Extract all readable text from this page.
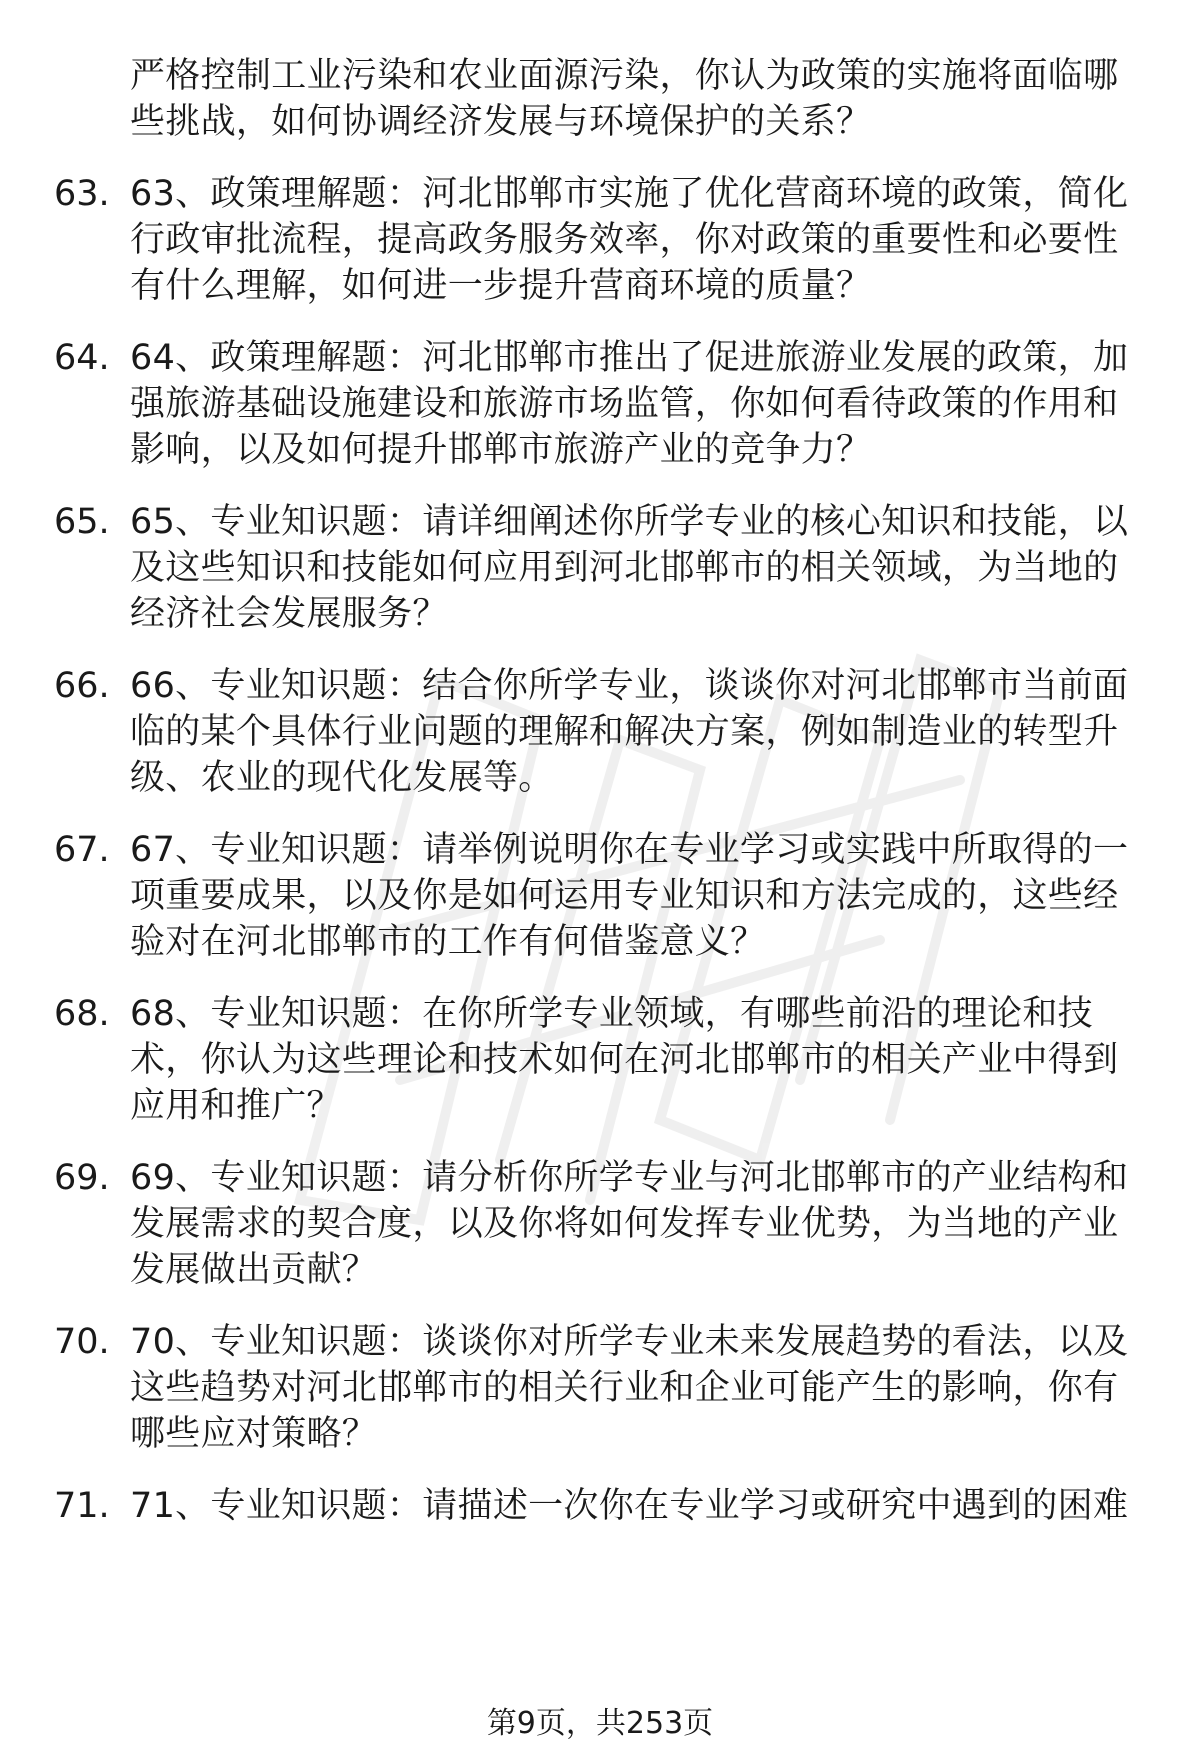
严格控制工业污染和农业面源污染，你认为政策的实施将面临哪
些挑战，如何协调经济发展与环境保护的关系？
63. 63、政策理解题：河北邯郸市实施了优化营商环境的政策，简化
行政审批流程，提高政务服务效率，你对政策的重要性和必要性
有什么理解，如何进一步提升营商环境的质量？
64. 64、政策理解题：河北邯郸市推出了促进旅游业发展的政策，加
强旅游基础设施建设和旅游市场监管，你如何看待政策的作用和
影响，以及如何提升邯郸市旅游产业的竞争力？
65. 65、专业知识题：请详细阐述你所学专业的核心知识和技能，以
及这些知识和技能如何应用到河北邯郸市的相关领域，为当地的
经济社会发展服务？
66. 66、专业知识题：结合你所学专业，谈谈你对河北邯郸市当前面
临的某个具体行业问题的理解和解决方案，例如制造业的转型升
级、农业的现代化发展等。
67. 67、专业知识题：请举例说明你在专业学习或实践中所取得的一
项重要成果，以及你是如何运用专业知识和方法完成的，这些经
验对在河北邯郸市的工作有何借鉴意义？
68. 68、专业知识题：在你所学专业领域，有哪些前沿的理论和技
术，你认为这些理论和技术如何在河北邯郸市的相关产业中得到
应用和推广？
69. 69、专业知识题：请分析你所学专业与河北邯郸市的产业结构和
发展需求的契合度，以及你将如何发挥专业优势，为当地的产业
发展做出贡献？
70. 70、专业知识题：谈谈你对所学专业未来发展趋势的看法，以及
这些趋势对河北邯郸市的相关行业和企业可能产生的影响，你有
哪些应对策略？
71. 71、专业知识题：请描述一次你在专业学习或研究中遇到的困难
第9页，共253页
